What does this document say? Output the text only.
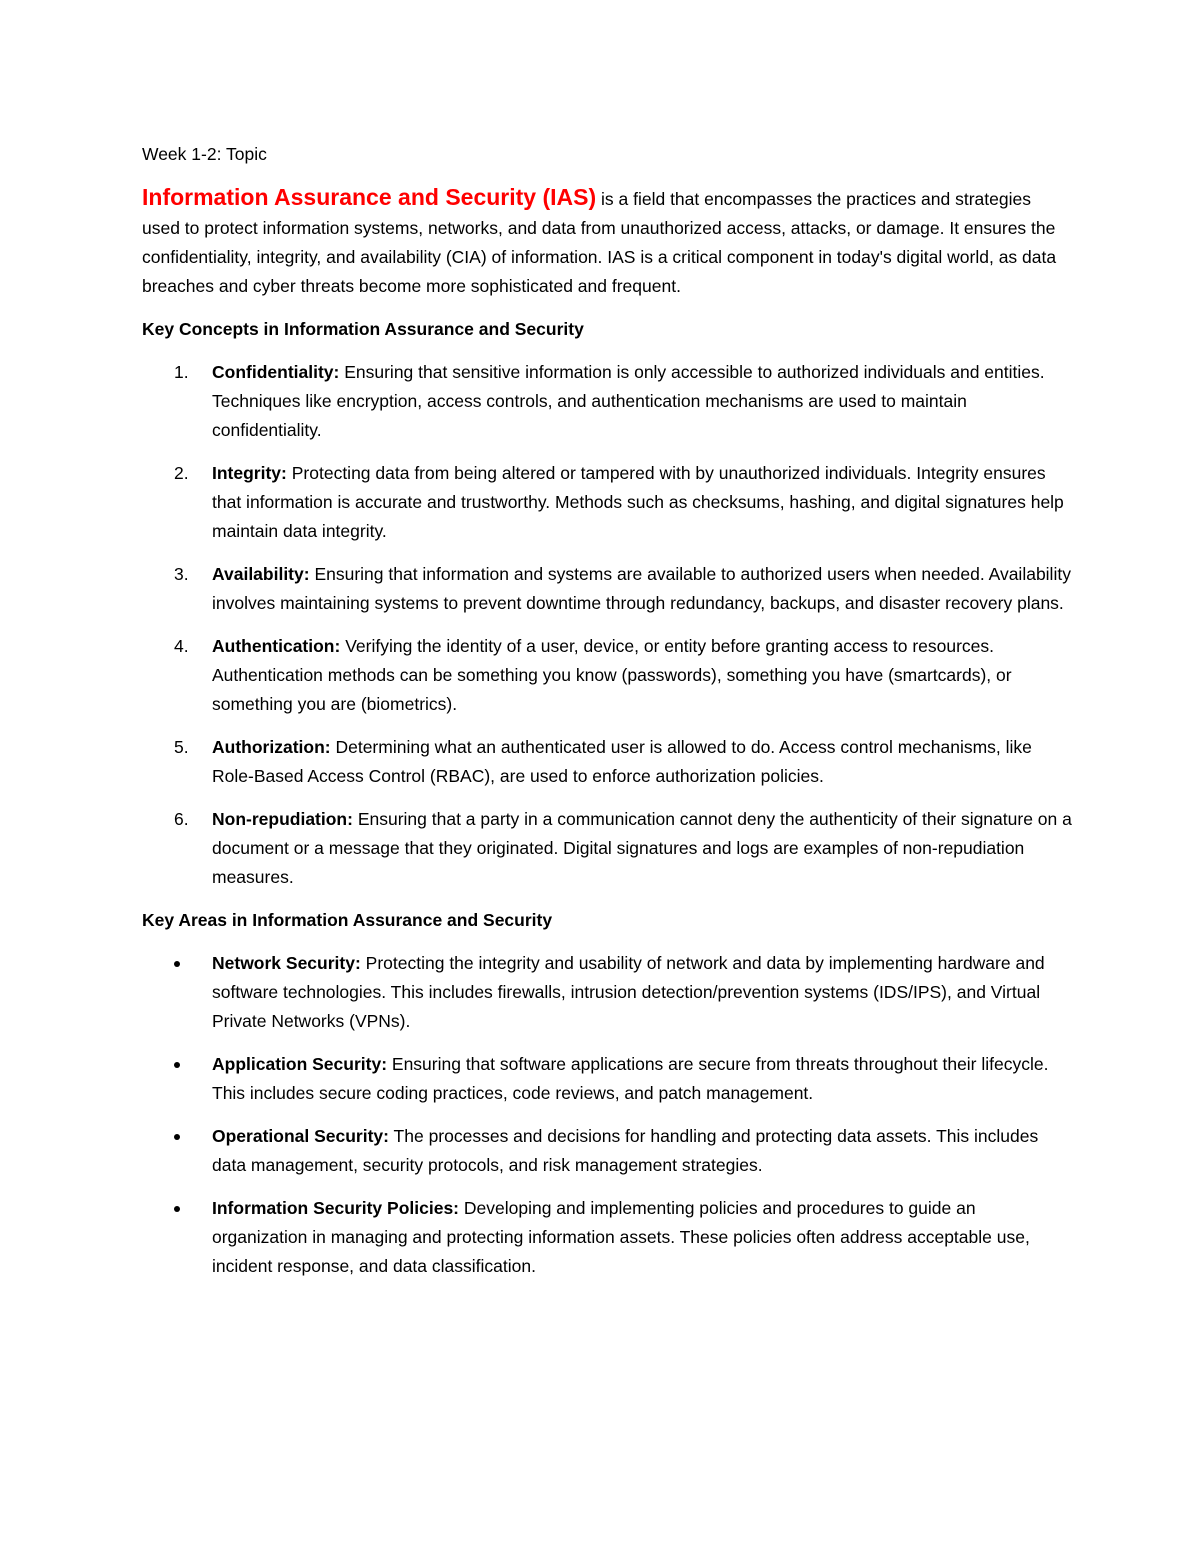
Week 1-2: Topic

Information Assurance and Security (IAS) is a field that encompasses the practices and strategies used to protect information systems, networks, and data from unauthorized access, attacks, or damage. It ensures the confidentiality, integrity, and availability (CIA) of information. IAS is a critical component in today's digital world, as data breaches and cyber threats become more sophisticated and frequent.

Key Concepts in Information Assurance and Security

1. Confidentiality: Ensuring that sensitive information is only accessible to authorized individuals and entities. Techniques like encryption, access controls, and authentication mechanisms are used to maintain confidentiality.
2. Integrity: Protecting data from being altered or tampered with by unauthorized individuals. Integrity ensures that information is accurate and trustworthy. Methods such as checksums, hashing, and digital signatures help maintain data integrity.
3. Availability: Ensuring that information and systems are available to authorized users when needed. Availability involves maintaining systems to prevent downtime through redundancy, backups, and disaster recovery plans.
4. Authentication: Verifying the identity of a user, device, or entity before granting access to resources. Authentication methods can be something you know (passwords), something you have (smartcards), or something you are (biometrics).
5. Authorization: Determining what an authenticated user is allowed to do. Access control mechanisms, like Role-Based Access Control (RBAC), are used to enforce authorization policies.
6. Non-repudiation: Ensuring that a party in a communication cannot deny the authenticity of their signature on a document or a message that they originated. Digital signatures and logs are examples of non-repudiation measures.

Key Areas in Information Assurance and Security

Network Security: Protecting the integrity and usability of network and data by implementing hardware and software technologies. This includes firewalls, intrusion detection/prevention systems (IDS/IPS), and Virtual Private Networks (VPNs).
Application Security: Ensuring that software applications are secure from threats throughout their lifecycle. This includes secure coding practices, code reviews, and patch management.
Operational Security: The processes and decisions for handling and protecting data assets. This includes data management, security protocols, and risk management strategies.
Information Security Policies: Developing and implementing policies and procedures to guide an organization in managing and protecting information assets. These policies often address acceptable use, incident response, and data classification.
